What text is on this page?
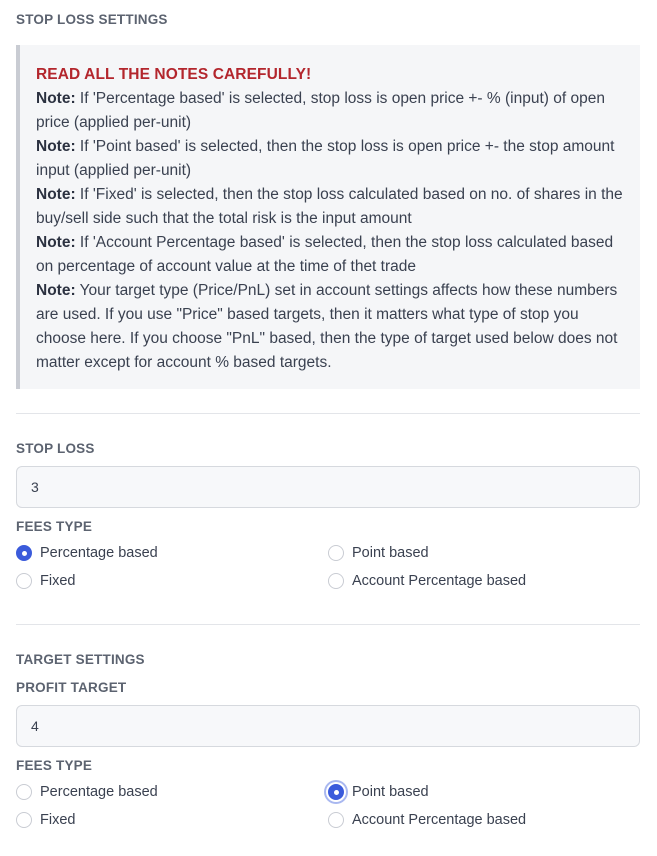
STOP LOSS SETTINGS
READ ALL THE NOTES CAREFULLY!
Note: If 'Percentage based' is selected, stop loss is open price +- % (input) of open price (applied per-unit)
Note: If 'Point based' is selected, then the stop loss is open price +- the stop amount input (applied per-unit)
Note: If 'Fixed' is selected, then the stop loss calculated based on no. of shares in the buy/sell side such that the total risk is the input amount
Note: If 'Account Percentage based' is selected, then the stop loss calculated based on percentage of account value at the time of thet trade
Note: Your target type (Price/PnL) set in account settings affects how these numbers are used. If you use "Price" based targets, then it matters what type of stop you choose here. If you choose "PnL" based, then the type of target used below does not matter except for account % based targets.
STOP LOSS
3
FEES TYPE
Percentage based	Point based
Fixed	Account Percentage based
TARGET SETTINGS
PROFIT TARGET
4
FEES TYPE
Percentage based	Point based
Fixed	Account Percentage based
